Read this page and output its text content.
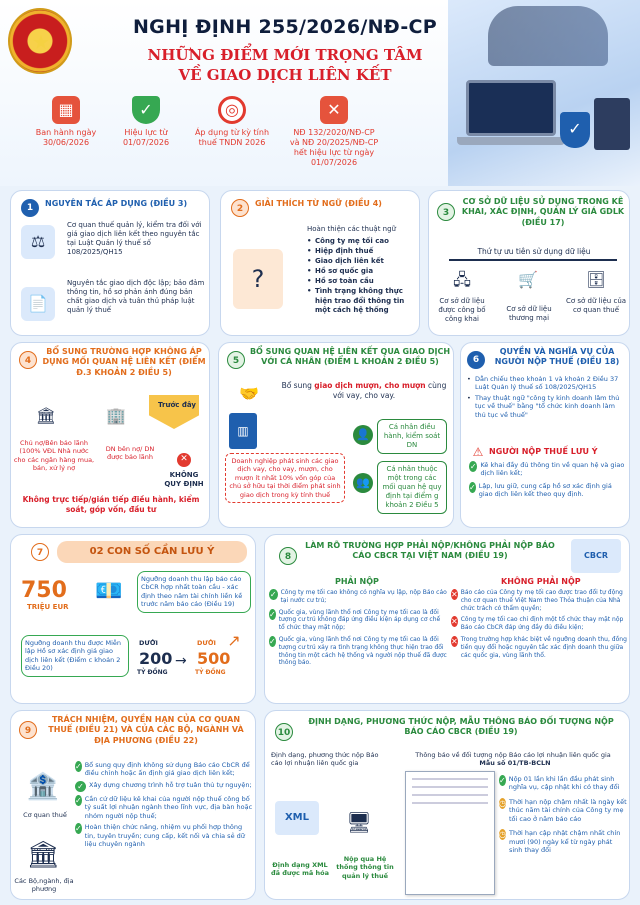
★
✓
NGHỊ ĐỊNH 255/2026/NĐ-CP
NHỮNG ĐIỂM MỚI TRỌNG TÂM
VỀ GIAO DỊCH LIÊN KẾT
▦
Ban hành ngày
30/06/2026
✓
Hiệu lực từ
01/07/2026
◎
Áp dụng từ kỳ tính
thuế TNDN 2026
✕
NĐ 132/2020/NĐ-CP
và NĐ 20/2025/NĐ-CP
hết hiệu lực từ ngày
01/07/2026
1	NGUYÊN TẮC ÁP DỤNG (ĐIỀU 3)
⚖
Cơ quan thuế quản lý, kiểm tra đối với giá giao dịch liên kết theo nguyên tắc tại Luật Quản lý thuế số 108/2025/QH15
📄
Nguyên tắc giao dịch độc lập; bảo đảm thông tin, hồ sơ phản ánh đúng bản chất giao dịch và tuân thủ pháp luật quản lý thuế
2
GIẢI THÍCH TỪ NGỮ (ĐIỀU 4)
?
Hoàn thiện các thuật ngữ
• Công ty mẹ tối cao
• Hiệp định thuế
• Giao dịch liên kết
• Hồ sơ quốc gia
• Hồ sơ toàn cầu
• Tình trạng không thực hiện trao đổi thông tin một cách hệ thống
3
CƠ SỞ DỮ LIỆU SỬ DỤNG TRONG KÊ KHAI, XÁC ĐỊNH, QUẢN LÝ GIÁ GDLK (ĐIỀU 17)
Thứ tự ưu tiên sử dụng dữ liệu
🖧	🛒	🗄
Cơ sở dữ liệu được công bố công khai
Cơ sở dữ liệu thương mại
Cơ sở dữ liệu của cơ quan thuế
4
BỔ SUNG TRƯỜNG HỢP KHÔNG ÁP DỤNG MỐI QUAN HỆ LIÊN KẾT (ĐIỂM Đ.3 KHOẢN 2 ĐIỀU 5)
Trước đây
🏛	🏢
Chủ nợ/Bên bảo lãnh (100% VĐL Nhà nước cho các ngân hàng mua, bán, xử lý nợ
DN bên nợ/ DN được bảo lãnh	✕
KHÔNG QUY ĐỊNH
Không trực tiếp/gián tiếp điều hành, kiểm soát, góp vốn, đầu tư
5
BỔ SUNG QUAN HỆ LIÊN KẾT QUA GIAO DỊCH VỚI CÁ NHÂN (ĐIỂM L KHOẢN 2 ĐIỀU 5)
🤝	Bổ sung giao dịch mượn, cho mượn cùng với vay, cho vay.
▥
Doanh nghiệp phát sinh các giao dịch vay, cho vay, mượn, cho mượn ít nhất 10% vốn góp của chủ sở hữu tại thời điểm phát sinh giao dịch trong kỳ tính thuế
👤
Cá nhân điều hành, kiểm soát DN
👥
Cá nhân thuộc một trong các mối quan hệ quy định tại điểm g khoản 2 Điều 5
6
QUYỀN VÀ NGHĨA VỤ CỦA NGƯỜI NỘP THUẾ (ĐIỀU 18)
• Dẫn chiếu theo khoản 1 và khoản 2 Điều 37 Luật Quản lý thuế số 108/2025/QH15
• Thay thuật ngữ "công ty kinh doanh lâm thủ tục về thuế" bằng "tổ chức kinh doanh làm thủ tục về thuế"
⚠ NGƯỜI NỘP THUẾ LƯU Ý
✓ Kê khai đầy đủ thông tin về quan hệ và giao dịch liên kết;
✓ Lập, lưu giữ, cung cấp hồ sơ xác định giá giao dịch liên kết theo quy định.
7	02 CON SỐ CẦN LƯU Ý
750
TRIỆU EUR
Ngưỡng doanh thu lập báo cáo CbCR hợp nhất toàn cầu - xác định theo năm tài chính liền kề trước năm báo cáo (Điều 19)
💶
Ngưỡng doanh thu được Miễn lập Hồ sơ xác định giá giao dịch liên kết (Điểm c khoản 2 Điều 20)
DƯỚI
200
TỶ ĐỒNG
→
DƯỚI
500
TỶ ĐỒNG
↗
8
LÀM RÕ TRƯỜNG HỢP PHẢI NỘP/KHÔNG PHẢI NỘP BÁO CÁO CBCR TẠI VIỆT NAM (ĐIỀU 19)	CBCR
PHẢI NỘP	KHÔNG PHẢI NỘP
✓ Công ty mẹ tối cao không có nghĩa vụ lập, nộp Báo cáo tại nước cư trú;
✓ Quốc gia, vùng lãnh thổ nơi Công ty mẹ tối cao là đối tượng cư trú không đáp ứng điều kiện áp dụng cơ chế tổ chức thay mặt nộp;
✓ Quốc gia, vùng lãnh thổ nơi Công ty mẹ tối cao là đối tượng cư trú xảy ra tình trạng không thực hiện trao đổi thông tin một cách hệ thống và người nộp thuế đã được thông báo.
✕ Báo cáo của Công ty mẹ tối cao được trao đổi tự động cho cơ quan thuế Việt Nam theo Thỏa thuận của Nhà chức trách có thẩm quyền;
✕ Công ty mẹ tối cao chỉ định một tổ chức thay mặt nộp Báo cáo CbCR đáp ứng đầy đủ điều kiện;
✕ Trong trường hợp khác biệt về ngưỡng doanh thu, đồng tiền quy đổi hoặc nguyên tắc xác định doanh thu giữa các quốc gia, vùng lãnh thổ.
9
TRÁCH NHIỆM, QUYỀN HẠN CỦA CƠ QUAN THUẾ (ĐIỀU 21) VÀ CỦA CÁC BỘ, NGÀNH VÀ ĐỊA PHƯƠNG (ĐIỀU 22)
🏦
Cơ quan thuế
🏛
Các Bộ,ngành, địa phương
✓ Bổ sung quy định không sử dụng Báo cáo CbCR để điều chỉnh hoặc ấn định giá giao dịch liên kết;
✓ Xây dựng chương trình hỗ trợ tuân thủ tự nguyện;
✓ Cần cứ dữ liệu kê khai của người nộp thuế công bố tỷ suất lợi nhuận ngành theo lĩnh vực, địa bàn hoặc nhóm người nộp thuế;
✓ Hoàn thiện chức năng, nhiệm vụ phối hợp thông tin, tuyên truyền; cung cấp, kết nối và chia sẻ dữ liệu chuyên ngành
10
ĐỊNH DẠNG, PHƯƠNG THỨC NỘP, MẪU THÔNG BÁO ĐỐI TƯỢNG NỘP BÁO CÁO CBCR (ĐIỀU 19)
Định dạng, phương thức nộp Báo cáo lợi nhuận liên quốc gia
XML	🖥
Định dạng XML đã được mã hóa
Nộp qua Hệ thống thông tin quản lý thuế
Thông báo về đối tượng nộp Báo cáo lợi nhuận liên quốc gia
Mẫu số 01/TB-BCLN
✓ Nộp 01 lần khi lần đầu phát sinh nghĩa vụ, cập nhật khi có thay đổi
◷ Thời hạn nộp chậm nhất là ngày kết thúc năm tài chính của Công ty mẹ tối cao ở năm báo cáo
◷ Thời hạn cập nhật chậm nhất chín mươi (90) ngày kể từ ngày phát sinh thay đổi
